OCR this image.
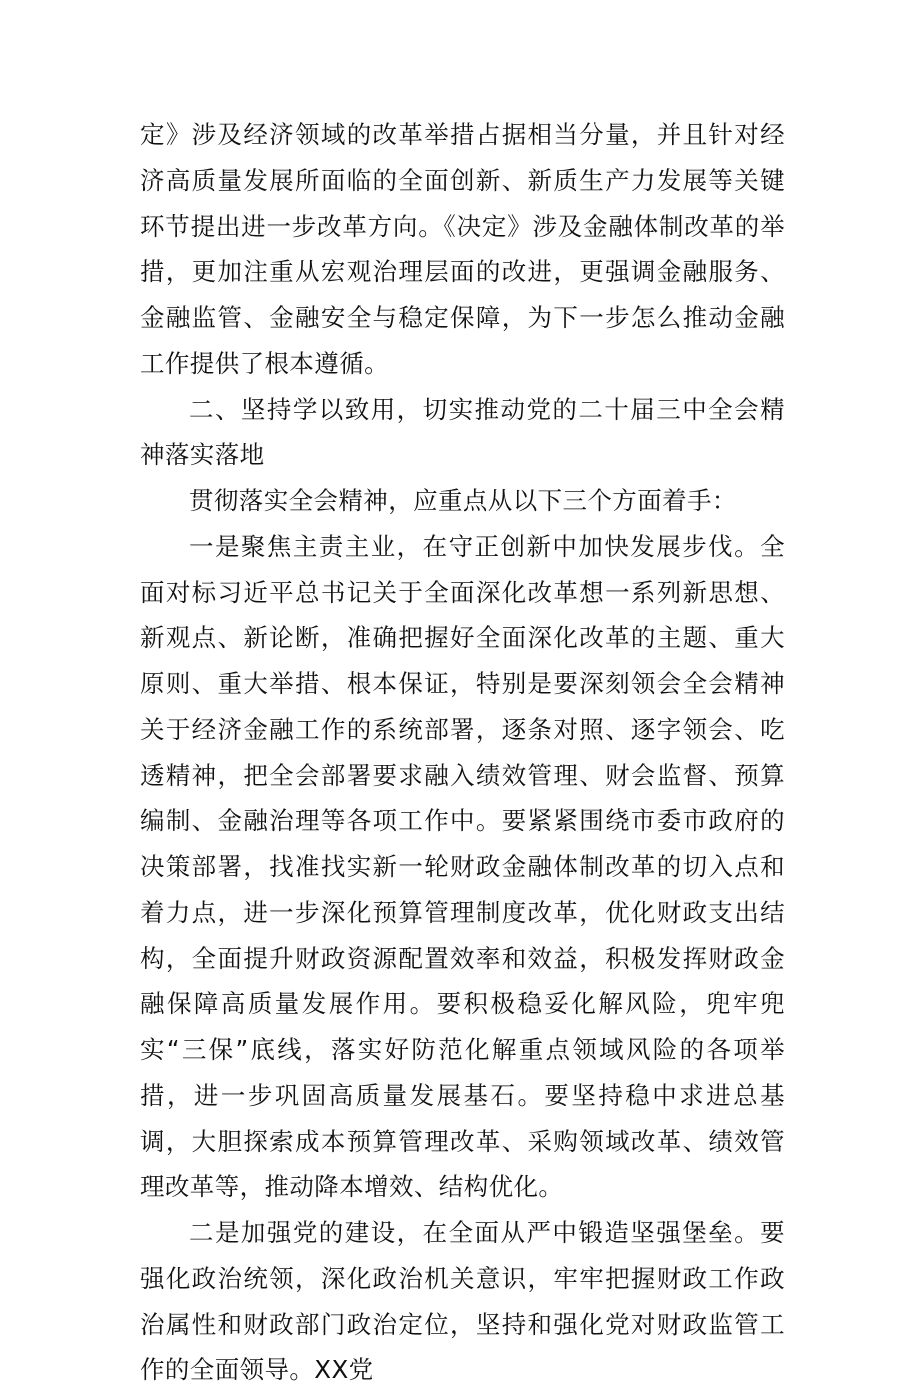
定》涉及经济领域的改革举措占据相当分量，并且针对经济高质量发展所面临的全面创新、新质生产力发展等关键环节提出进一步改革方向。《决定》涉及金融体制改革的举措，更加注重从宏观治理层面的改进，更强调金融服务、金融监管、金融安全与稳定保障，为下一步怎么推动金融工作提供了根本遵循。

二、坚持学以致用，切实推动党的二十届三中全会精神落实落地

贯彻落实全会精神，应重点从以下三个方面着手：

一是聚焦主责主业，在守正创新中加快发展步伐。全面对标习近平总书记关于全面深化改革想一系列新思想、新观点、新论断，准确把握好全面深化改革的主题、重大原则、重大举措、根本保证，特别是要深刻领会全会精神关于经济金融工作的系统部署，逐条对照、逐字领会、吃透精神，把全会部署要求融入绩效管理、财会监督、预算编制、金融治理等各项工作中。要紧紧围绕市委市政府的决策部署，找准找实新一轮财政金融体制改革的切入点和着力点，进一步深化预算管理制度改革，优化财政支出结构，全面提升财政资源配置效率和效益，积极发挥财政金融保障高质量发展作用。要积极稳妥化解风险，兜牢兜实“三保”底线，落实好防范化解重点领域风险的各项举措，进一步巩固高质量发展基石。要坚持稳中求进总基调，大胆探索成本预算管理改革、采购领域改革、绩效管理改革等，推动降本增效、结构优化。

二是加强党的建设，在全面从严中锻造坚强堡垒。要强化政治统领，深化政治机关意识，牢牢把握财政工作政治属性和财政部门政治定位，坚持和强化党对财政监管工作的全面领导。XX党
